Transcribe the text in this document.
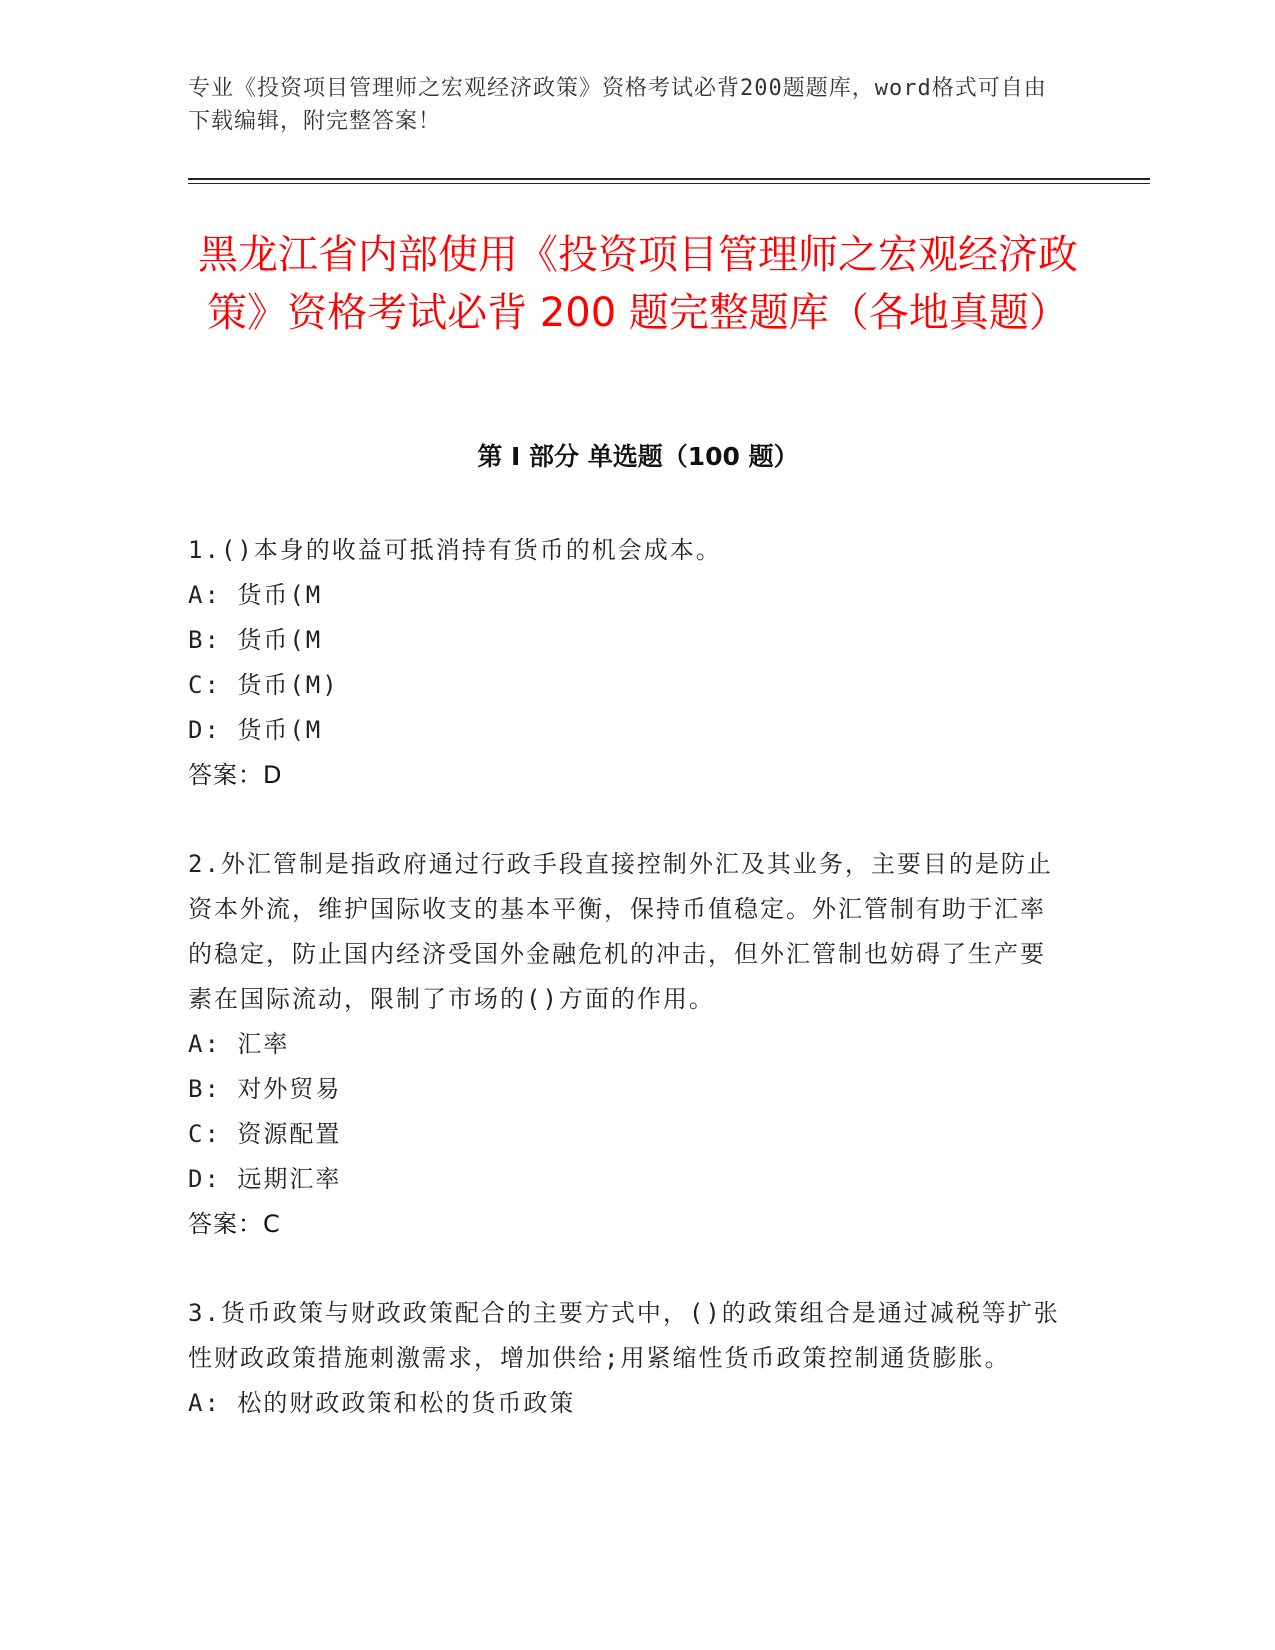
专业《投资项目管理师之宏观经济政策》资格考试必背200题题库，word格式可自由下载编辑，附完整答案！
黑龙江省内部使用《投资项目管理师之宏观经济政策》资格考试必背 200 题完整题库（各地真题）
第 I 部分 单选题（100 题）

1.()本身的收益可抵消持有货币的机会成本。

A: 货币(M

B: 货币(M

C: 货币(M)

D: 货币(M

答案：D

2.外汇管制是指政府通过行政手段直接控制外汇及其业务，主要目的是防止资本外流，维护国际收支的基本平衡，保持币值稳定。外汇管制有助于汇率的稳定，防止国内经济受国外金融危机的冲击，但外汇管制也妨碍了生产要素在国际流动，限制了市场的()方面的作用。

A: 汇率

B: 对外贸易

C: 资源配置

D: 远期汇率

答案：C

3.货币政策与财政政策配合的主要方式中，()的政策组合是通过减税等扩张性财政政策措施刺激需求，增加供给;用紧缩性货币政策控制通货膨胀。

A: 松的财政政策和松的货币政策
